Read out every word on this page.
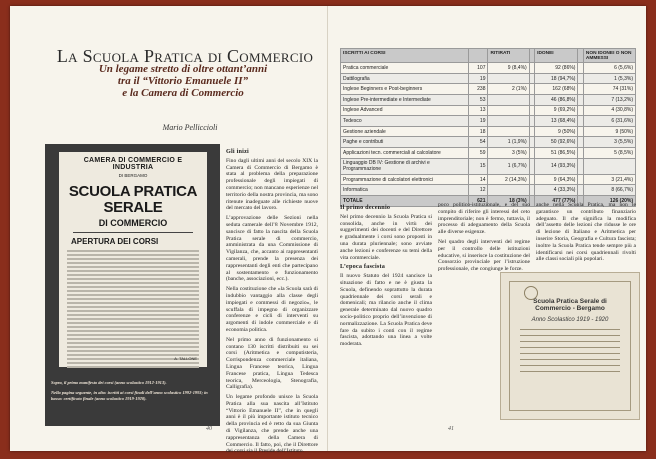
La Scuola Pratica di Commercio
Un legame stretto di oltre ottant’anni
tra il “Vittorio Emanuele II”
e la Camera di Commercio
Mario Pelliccioli
CAMERA DI COMMERCIO E INDUSTRIA
DI BERGAMO
SCUOLA PRATICA SERALE
DI COMMERCIO
APERTURA DEI CORSI
A. TALLONE

Sopra, il primo manifesto dei corsi (anno scolastico 1912-1913).

Nella pagina seguente, in alto: iscritti ai corsi finali dell’anno scolastico 1992-1993; in basso: certificato finale (anno scolastico 1919-1920).

Gli inizi

Fino dagli ultimi anni del secolo XIX la Camera di Commercio di Bergamo è stata al problema della preparazione professionale degli impiegati di commercio; non mancano esperienze nel territorio della nostra provincia, ma sono ritenute inadeguate alle richieste nuove del mercato del lavoro.

L’approvazione delle Sezioni nella seduta camerale dell’8 Novembre 1912, sancisce di fatto la nascita della Scuola Pratica serale di commercio, amministrata da una Commissione di Vigilanza, che, accanto ai rappresentanti camerali, prende la presenza dei rappresentanti degli enti che partecipano al sostentamento e funzionamento (banche, associazioni, ecc.).

Nella costituzione che «la Scuola sarà di indubbio vantaggio alla classe degli impiegati e commessi di negozio», le scuffala di impegno di organizzare conferenze e cicli di interventi su argomenti di indole commerciale e di economia politica.

Nel primo anno di funzionamento si contano 130 iscritti distribuiti su sei corsi (Aritmetica e computisteria, Corrispondenza commerciale italiana, Lingua Francese teorica, Lingua Francese pratica, Lingua Tedesca teorica, Merceologia, Stenografia, Calligrafia).

Un legame profondo unisce la Scuola Pratica alla sua nascita all’Istituto “Vittorio Emanuele II”, che in quegli anni è il più importante istituto tecnico della provincia ed è retto da sua Giunta di Vigilanza, che prende anche una rappresentanza della Camera di Commercio. Il fatto, poi, che il Direttore dei corsi sia il Preside dell’Istituto.

40
ISCRITTI AI CORSI		RITIRATI		IDONEI		NON IDONEI O NON AMMESSI
Pratica commerciale	107	9 (8,4%)		92 (86%)		6 (5,6%)
Dattilografia	19			18 (94,7%)		1 (5,3%)
Inglese Beginners e Post-beginners	238	2 (1%)		162 (68%)		74 (31%)
Inglese Pre-intermediate e Intermediate	53			46 (86,8%)		7 (13,2%)
Inglese Advanced	13			9 (69,2%)		4 (30,8%)
Tedesco	19			13 (68,4%)		6 (31,6%)
Gestione aziendale	18			9 (50%)		9 (50%)
Paghe e contributi	54	1 (1,9%)		50 (92,6%)		3 (5,5%)
Applicazioni tecn. commerciali al calcolatore	59	3 (5%)		51 (86,5%)		5 (8,5%)
Linguaggio DB IV: Gestione di archivi e Programmazione	15	1 (6,7%)		14 (93,3%)		
Programmazione di calcolatori elettronici	14	2 (14,3%)		9 (64,3%)		3 (21,4%)
Informatica	12			4 (33,3%)		8 (66,7%)
TOTALE	621	18 (3%)		477 (77%)		126 (20%)
Il primo decennio

Nel primo decennio la Scuola Pratica si consolida, anche in virtù dei suggerimenti dei docenti e del Direttore e gradualmente i corsi sono proposti in una durata pluriennale; sono avviate anche lezioni e conferenze su temi della vita commerciale.

L’epoca fascista

Il nuovo Statuto del 1924 sancisce la situazione di fatto e ne è giusta la Scuola, definendo soprattutto la durata quadriennale dei corsi serali e domenicali; ma rilancio anche il clima generale determinato dal nuovo quadro socio-politico proprio dell’invenzione di normalizzazione. La Scuola Pratica deve fare da subito i conti con il regime fascista, adottando una linea a volte moderata.

poco politico-istituzionale, e del suo compito di riferire gli interessi del ceto imprenditoriale; non è fermo, tuttavia, il processo di adeguamento della Scuola alle diverse esigenze.

Nel quadro degli interventi del regime per il controllo delle istituzioni educative, si inserisce la costituzione del Consorzio provinciale per l’istruzione professionale, che congiunge le forze.

anche nella Scuola Pratica, ma non le garantisce un contributo finanziario adeguato. Il che significa la modifica dell’assetto delle lezioni che ridusse le ore di lezione di Italiano e Aritmetica per inserire Storia, Geografia e Cultura fascista; inoltre la Scuola Pratica tende sempre più a identificarsi nei corsi quadriennali rivolti alle classi sociali più popolari.

Scuola Pratica Serale di Commercio - Bergamo
Anno Scolastico 1919 - 1920
41
